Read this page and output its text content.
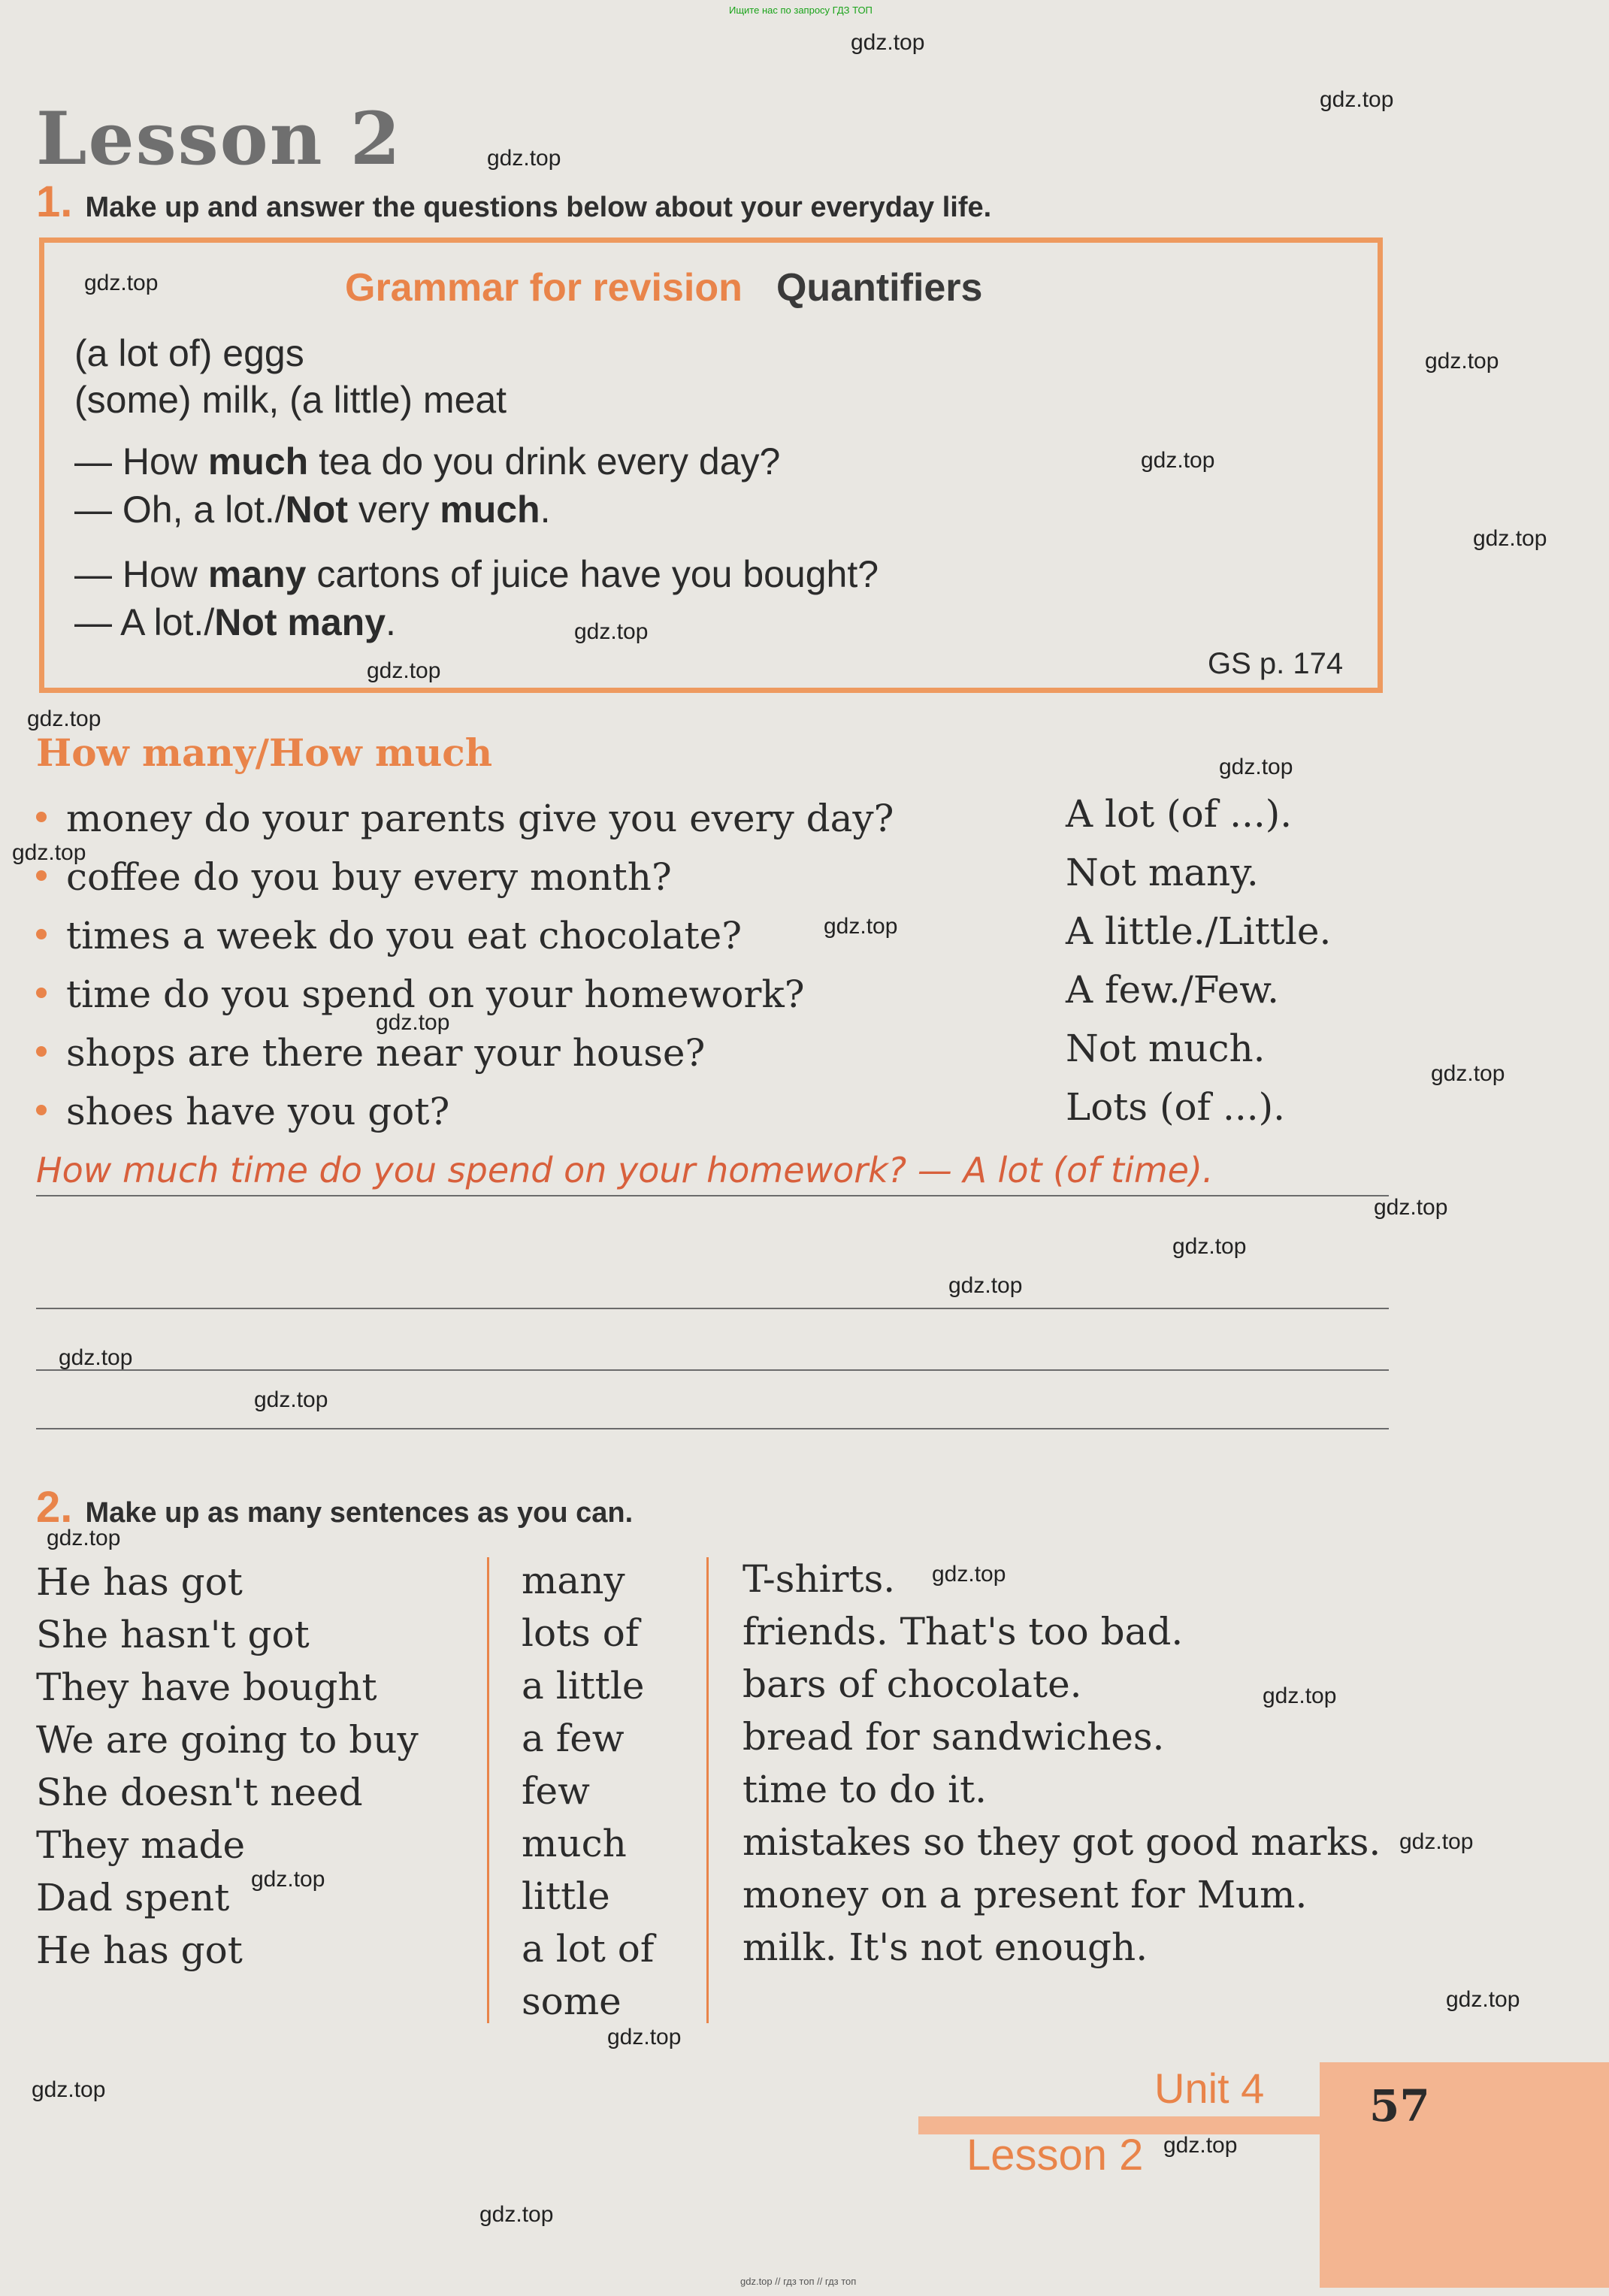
Ищите нас по запросу ГДЗ ТОП
Lesson 2
1. Make up and answer the questions below about your everyday life.
Grammar for revision Quantifiers
(a lot of) eggs
(some) milk, (a little) meat
— How much tea do you drink every day?
— Oh, a lot./Not very much.
— How many cartons of juice have you bought?
— A lot./Not many.
GS p. 174
How many/How much
money do your parents give you every day?
coffee do you buy every month?
times a week do you eat chocolate?
time do you spend on your homework?
shops are there near your house?
shoes have you got?
A lot (of ...).
Not many.
A little./Little.
A few./Few.
Not much.
Lots (of ...).
How much time do you spend on your homework? — A lot (of time).
2. Make up as many sentences as you can.
He has got
She hasn't got
They have bought
We are going to buy
She doesn't need
They made
Dad spent
He has got
many
lots of
a little
a few
few
much
little
a lot of
some
T-shirts.
friends. That's too bad.
bars of chocolate.
bread for sandwiches.
time to do it.
mistakes so they got good marks.
money on a present for Mum.
milk. It's not enough.
Unit 4
Lesson 2
57
gdz.top
gdz.top
gdz.top
gdz.top
gdz.top
gdz.top
gdz.top
gdz.top
gdz.top
gdz.top
gdz.top
gdz.top
gdz.top
gdz.top
gdz.top
gdz.top
gdz.top
gdz.top
gdz.top
gdz.top
gdz.top
gdz.top
gdz.top
gdz.top
gdz.top
gdz.top
gdz.top
gdz.top
gdz.top
gdz.top
gdz.top // гдз топ // гдз топ
